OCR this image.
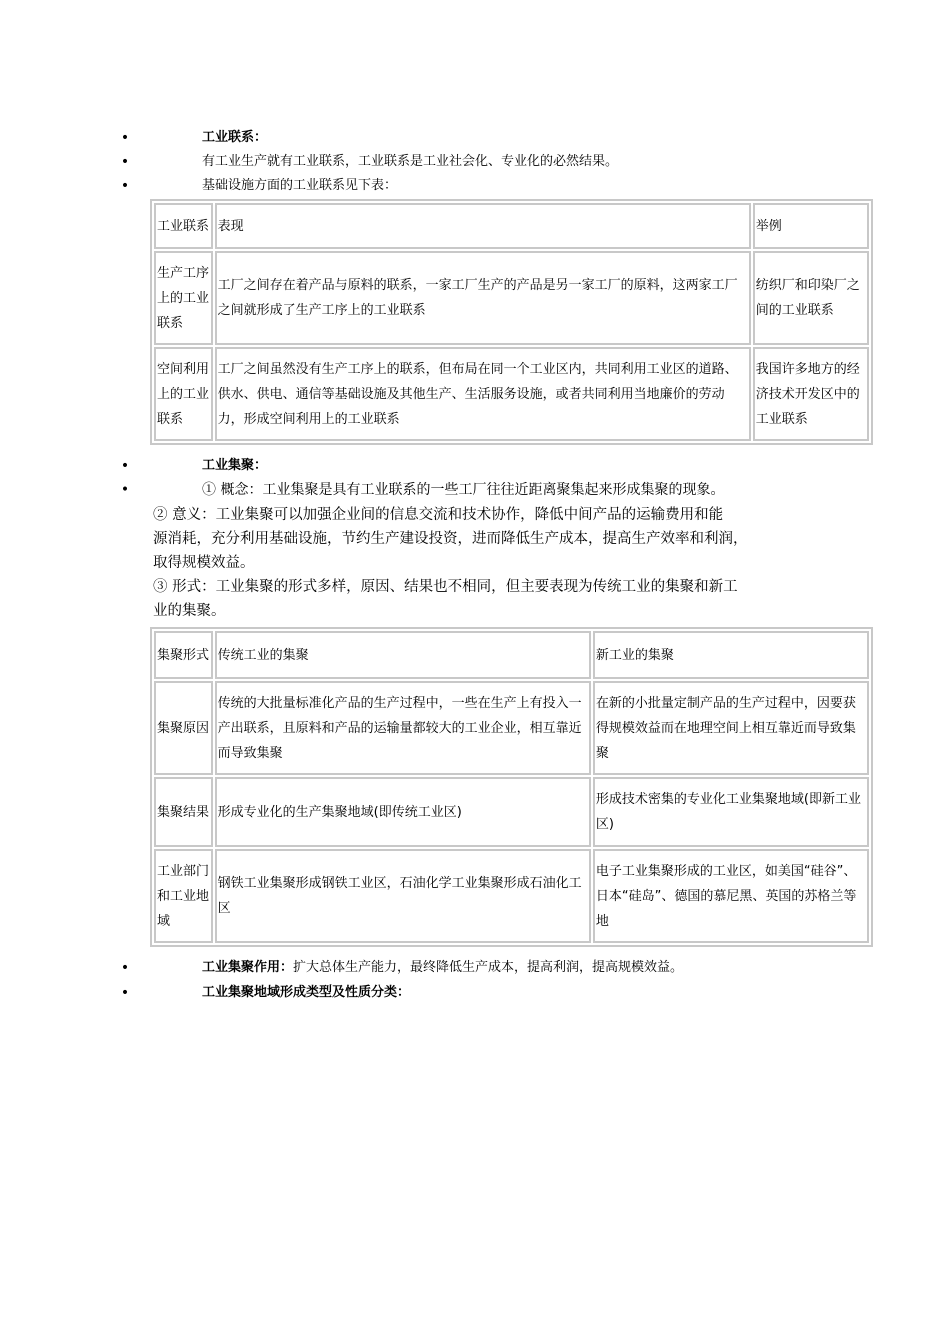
•	工业联系：
•	有工业生产就有工业联系，工业联系是工业社会化、专业化的必然结果。
•	基础设施方面的工业联系见下表：
工业联系	表现	举例
生产工序上的工业联系	工厂之间存在着产品与原料的联系，一家工厂生产的产品是另一家工厂的原料，这两家工厂之间就形成了生产工序上的工业联系	纺织厂和印染厂之间的工业联系
空间利用上的工业联系	工厂之间虽然没有生产工序上的联系，但布局在同一个工业区内，共同利用工业区的道路、供水、供电、通信等基础设施及其他生产、生活服务设施，或者共同利用当地廉价的劳动力，形成空间利用上的工业联系	我国许多地方的经济技术开发区中的工业联系
•	工业集聚：
•	① 概念：工业集聚是具有工业联系的一些工厂往往近距离聚集起来形成集聚的现象。
② 意义：工业集聚可以加强企业间的信息交流和技术协作，降低中间产品的运输费用和能
源消耗，充分利用基础设施，节约生产建设投资，进而降低生产成本，提高生产效率和利润，
取得规模效益。
③ 形式：工业集聚的形式多样，原因、结果也不相同，但主要表现为传统工业的集聚和新工
业的集聚。
集聚形式	传统工业的集聚	新工业的集聚
集聚原因	传统的大批量标准化产品的生产过程中，一些在生产上有投入一产出联系，且原料和产品的运输量都较大的工业企业，相互靠近而导致集聚	在新的小批量定制产品的生产过程中，因要获得规模效益而在地理空间上相互靠近而导致集聚
集聚结果	形成专业化的生产集聚地域(即传统工业区)	形成技术密集的专业化工业集聚地域(即新工业区)
工业部门和工业地域	钢铁工业集聚形成钢铁工业区，石油化学工业集聚形成石油化工区	电子工业集聚形成的工业区，如美国“硅谷”、日本“硅岛”、德国的慕尼黑、英国的苏格兰等地
•	工业集聚作用：扩大总体生产能力，最终降低生产成本，提高利润，提高规模效益。
•	工业集聚地域形成类型及性质分类：
